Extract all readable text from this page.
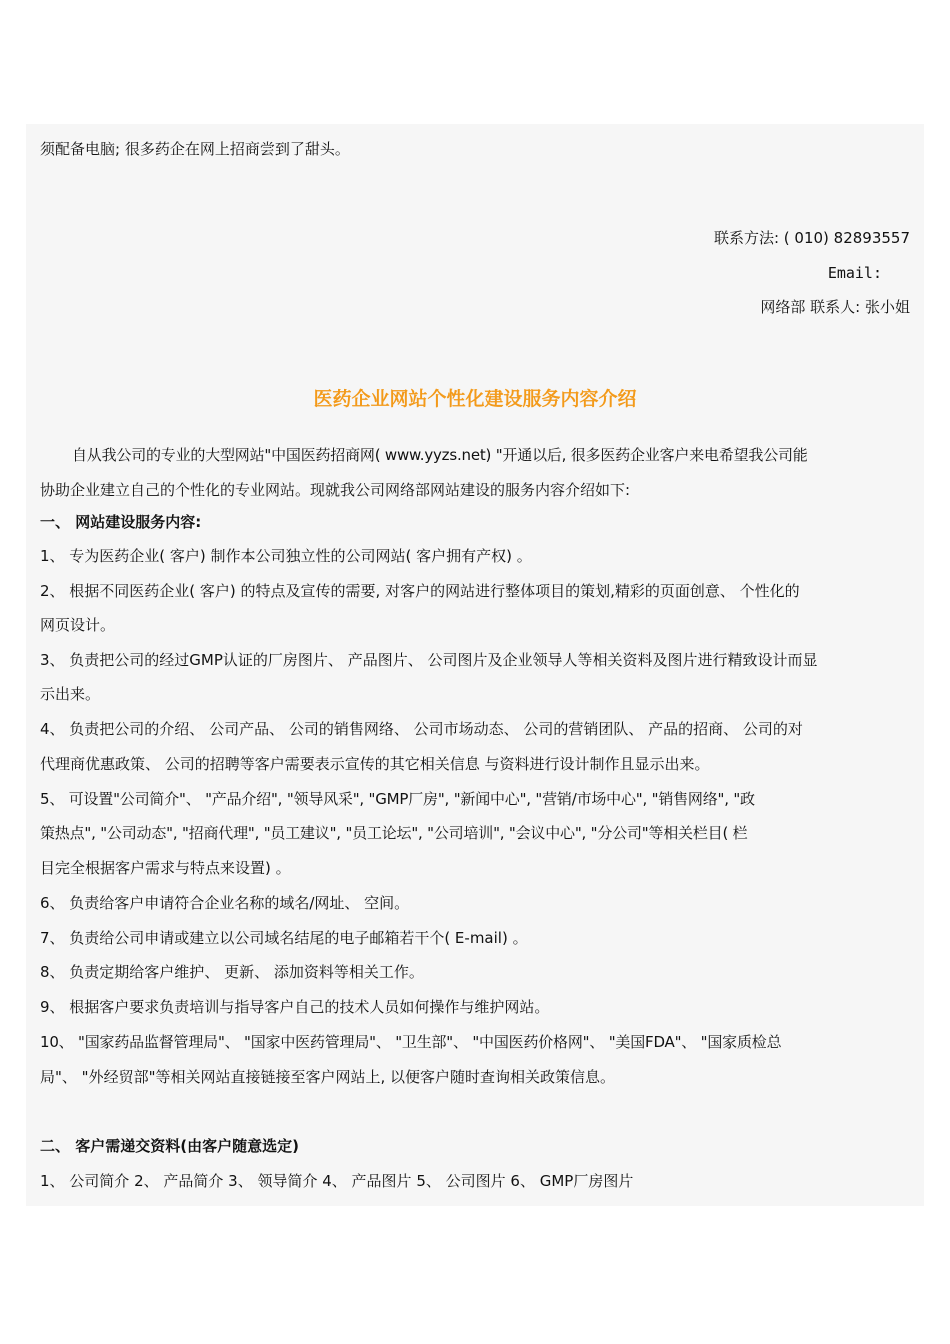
须配备电脑; 很多药企在网上招商尝到了甜头。
联系方法: ( 010) 82893557
Email:
网络部 联系人: 张小姐
医药企业网站个性化建设服务内容介绍
自从我公司的专业的大型网站"中国医药招商网( www.yyzs.net) "开通以后, 很多医药企业客户来电希望我公司能
协助企业建立自己的个性化的专业网站。现就我公司网络部网站建设的服务内容介绍如下:
一、 网站建设服务内容:
1、 专为医药企业( 客户) 制作本公司独立性的公司网站( 客户拥有产权) 。
2、 根据不同医药企业( 客户) 的特点及宣传的需要, 对客户的网站进行整体项目的策划,精彩的页面创意、 个性化的
网页设计。
3、 负责把公司的经过GMP认证的厂房图片、 产品图片、 公司图片及企业领导人等相关资料及图片进行精致设计而显
示出来。
4、 负责把公司的介绍、 公司产品、 公司的销售网络、 公司市场动态、 公司的营销团队、 产品的招商、 公司的对
代理商优惠政策、 公司的招聘等客户需要表示宣传的其它相关信息 与资料进行设计制作且显示出来。
5、 可设置"公司简介"、 "产品介绍", "领导风采", "GMP厂房", "新闻中心", "营销/市场中心", "销售网络", "政
策热点", "公司动态", "招商代理", "员工建议", "员工论坛", "公司培训", "会议中心", "分公司"等相关栏目( 栏
目完全根据客户需求与特点来设置) 。
6、 负责给客户申请符合企业名称的域名/网址、 空间。
7、 负责给公司申请或建立以公司域名结尾的电子邮箱若干个( E-mail) 。
8、 负责定期给客户维护、 更新、 添加资料等相关工作。
9、 根据客户要求负责培训与指导客户自己的技术人员如何操作与维护网站。
10、 "国家药品监督管理局"、 "国家中医药管理局"、 "卫生部"、 "中国医药价格网"、 "美国FDA"、 "国家质检总
局"、 "外经贸部"等相关网站直接链接至客户网站上, 以便客户随时查询相关政策信息。
二、 客户需递交资料(由客户随意选定)
1、 公司简介 2、 产品简介 3、 领导简介 4、 产品图片 5、 公司图片 6、 GMP厂房图片
